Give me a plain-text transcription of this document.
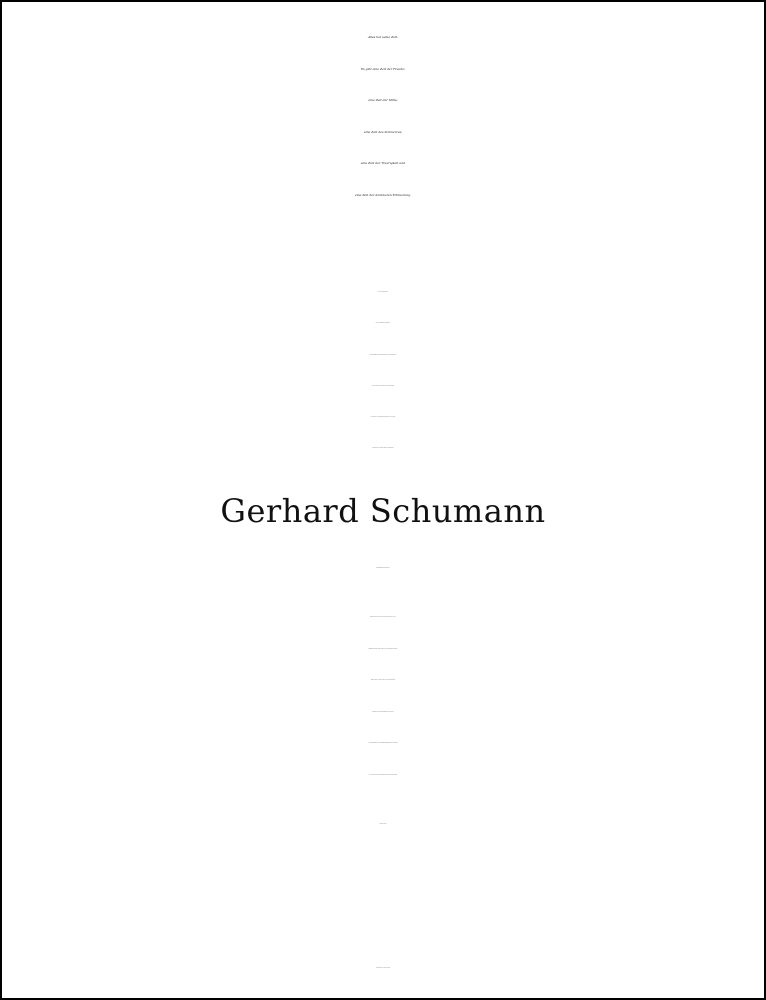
Alles hat seine Zeit.
Es gibt eine Zeit der Freude;
eine Zeit der Stille;
eine Zeit des Schmerzes;
eine Zeit der Traurigkeit und
eine Zeit der dankbaren Erinnerung.
für ein stilles Gebet,
für eine stumme Umarmung,
für das tröstende Wort, gesprochen oder geschrieben,
für alle Zeichen der Liebe und Freundschaft,
für Blumen und Geldzuwendungen, die uns beim
Abschied von unserem lieben Verstorbenen
Gerhard Schumann
entgegengebracht wurden.
Besonderer Dank gilt Frau Pfarrerin Wegner für die
tröstenden Worte, Robert Müller, Willy Schumann mit den
Bläsern sowie Hilmar Kaiser für die musikalische
Umrahmung. Den Schwestern der Diakonie
Laucha/Naumburg, dem Bestattungsinstitut Axel Schmidt
für die würdevolle Trauerbegleitung und dem Trauercafé.
In stiller Trauer:
Hirschroda, im Februar 2016
